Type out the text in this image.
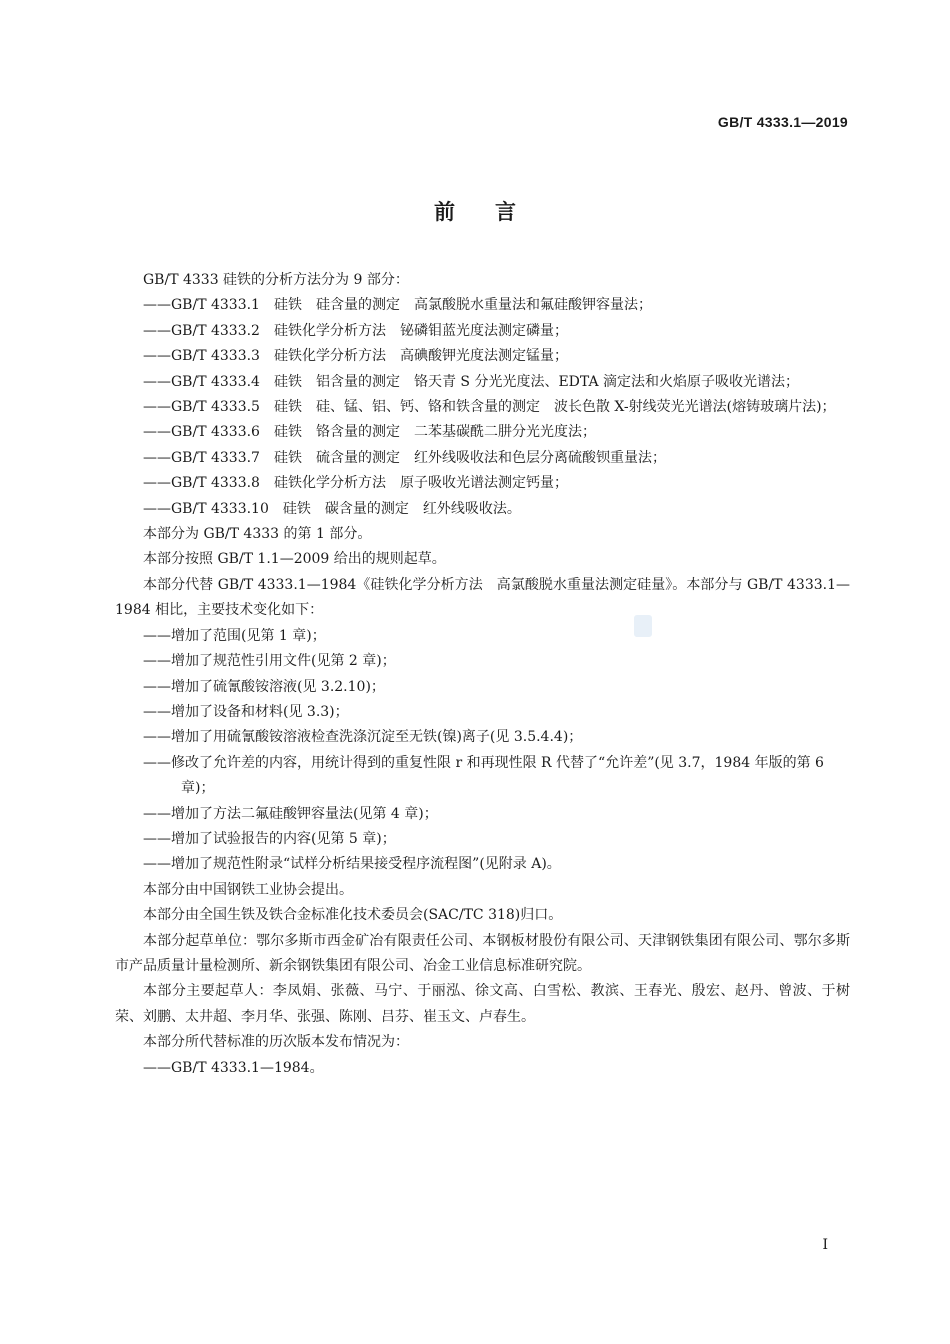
GB/T 4333.1—2019
前言

GB/T 4333 硅铁的分析方法分为 9 部分：

——GB/T 4333.1　硅铁　硅含量的测定　高氯酸脱水重量法和氟硅酸钾容量法；

——GB/T 4333.2　硅铁化学分析方法　铋磷钼蓝光度法测定磷量；

——GB/T 4333.3　硅铁化学分析方法　高碘酸钾光度法测定锰量；

——GB/T 4333.4　硅铁　铝含量的测定　铬天青 S 分光光度法、EDTA 滴定法和火焰原子吸收光谱法；

——GB/T 4333.5　硅铁　硅、锰、铝、钙、铬和铁含量的测定　波长色散 X-射线荧光光谱法(熔铸玻璃片法)；

——GB/T 4333.6　硅铁　铬含量的测定　二苯基碳酰二肼分光光度法；

——GB/T 4333.7　硅铁　硫含量的测定　红外线吸收法和色层分离硫酸钡重量法；

——GB/T 4333.8　硅铁化学分析方法　原子吸收光谱法测定钙量；

——GB/T 4333.10　硅铁　碳含量的测定　红外线吸收法。

本部分为 GB/T 4333 的第 1 部分。

本部分按照 GB/T 1.1—2009 给出的规则起草。

本部分代替 GB/T 4333.1—1984《硅铁化学分析方法　高氯酸脱水重量法测定硅量》。本部分与 GB/T 4333.1—1984 相比，主要技术变化如下：

——增加了范围(见第 1 章)；

——增加了规范性引用文件(见第 2 章)；

——增加了硫氰酸铵溶液(见 3.2.10)；

——增加了设备和材料(见 3.3)；

——增加了用硫氰酸铵溶液检查洗涤沉淀至无铁(镍)离子(见 3.5.4.4)；

——修改了允许差的内容，用统计得到的重复性限 r 和再现性限 R 代替了“允许差”(见 3.7，1984 年版的第 6 章)；

——增加了方法二氟硅酸钾容量法(见第 4 章)；

——增加了试验报告的内容(见第 5 章)；

——增加了规范性附录“试样分析结果接受程序流程图”(见附录 A)。

本部分由中国钢铁工业协会提出。

本部分由全国生铁及铁合金标准化技术委员会(SAC/TC 318)归口。

本部分起草单位：鄂尔多斯市西金矿冶有限责任公司、本钢板材股份有限公司、天津钢铁集团有限公司、鄂尔多斯市产品质量计量检测所、新余钢铁集团有限公司、冶金工业信息标准研究院。

本部分主要起草人：李凤娟、张薇、马宁、于丽泓、徐文高、白雪松、教滨、王春光、殷宏、赵丹、曾波、于树荣、刘鹏、太井超、李月华、张强、陈刚、吕芬、崔玉文、卢春生。

本部分所代替标准的历次版本发布情况为：

——GB/T 4333.1—1984。

I
